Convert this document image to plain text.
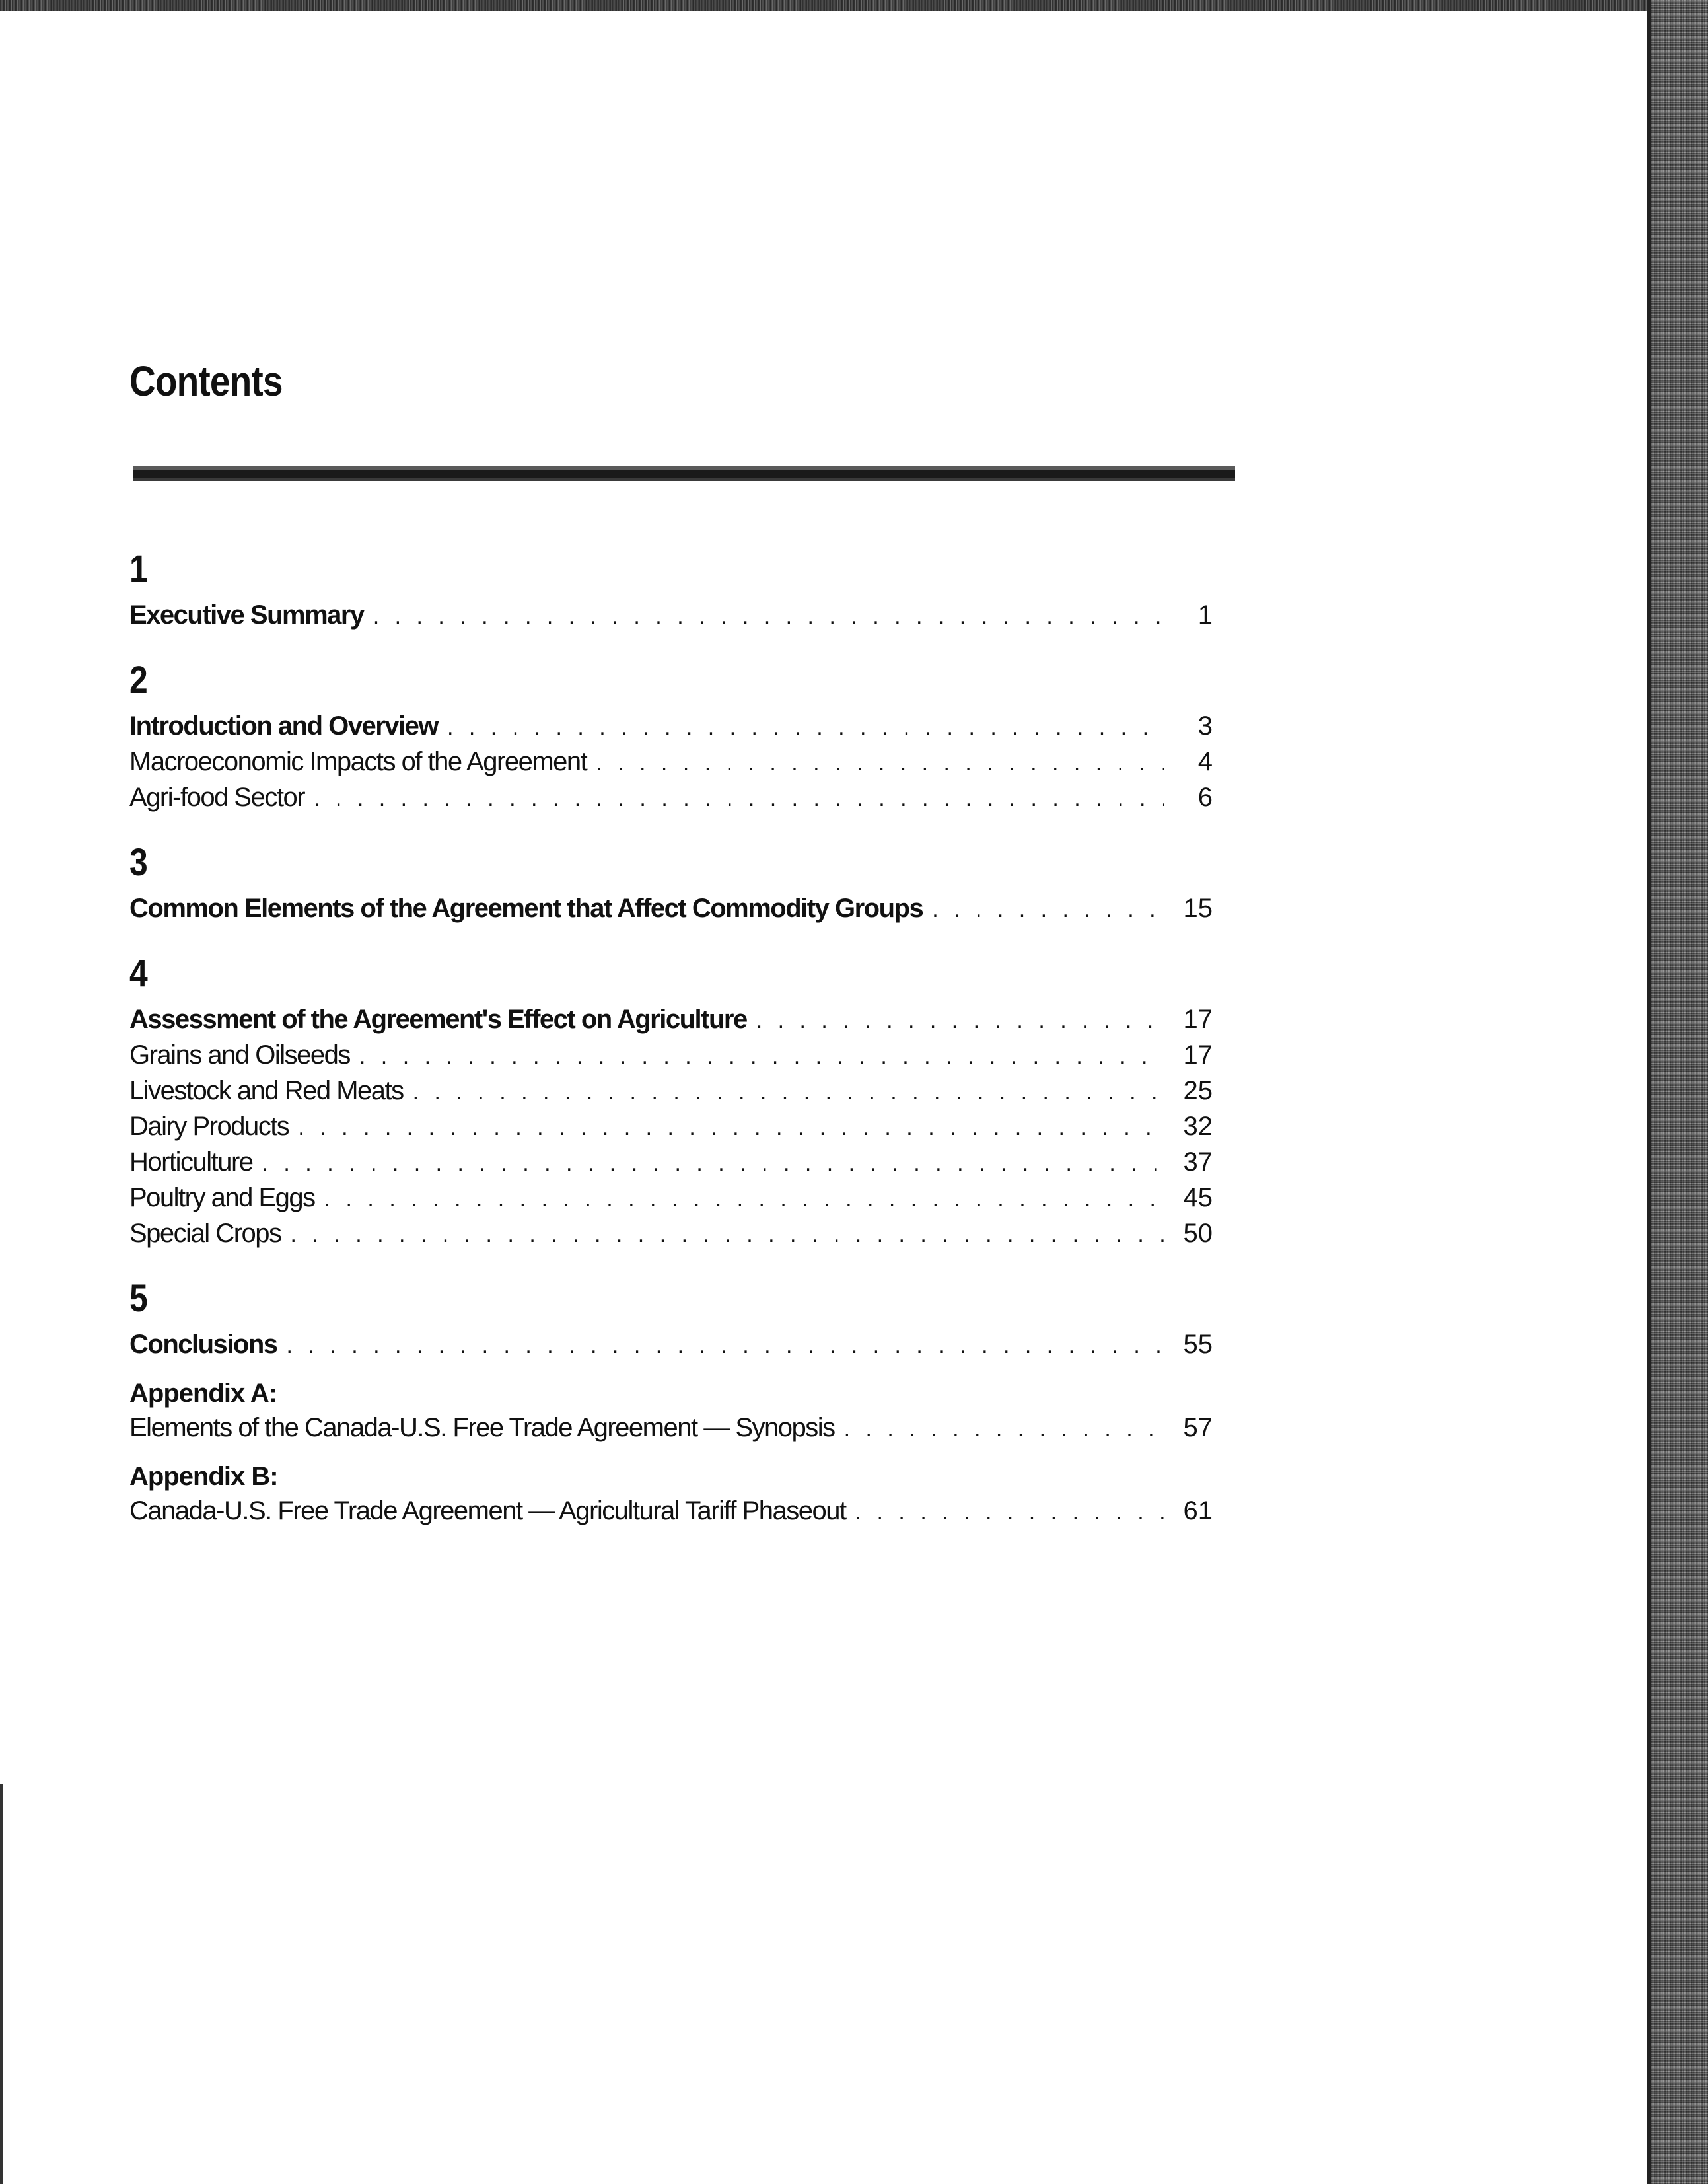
Contents
1
Executive Summary . . .	1
2
Introduction and Overview . . .	3
Macroeconomic Impacts of the Agreement . . .	4
Agri-food Sector . . .	6
3
Common Elements of the Agreement that Affect Commodity Groups . . .	15
4
Assessment of the Agreement's Effect on Agriculture . . .	17
Grains and Oilseeds . . .	17
Livestock and Red Meats . . .	25
Dairy Products . . .	32
Horticulture . . .	37
Poultry and Eggs . . .	45
Special Crops . . .	50
5
Conclusions . . .	55
Appendix A:
Elements of the Canada-U.S. Free Trade Agreement — Synopsis . . .	57
Appendix B:
Canada-U.S. Free Trade Agreement — Agricultural Tariff Phaseout . . .	61
